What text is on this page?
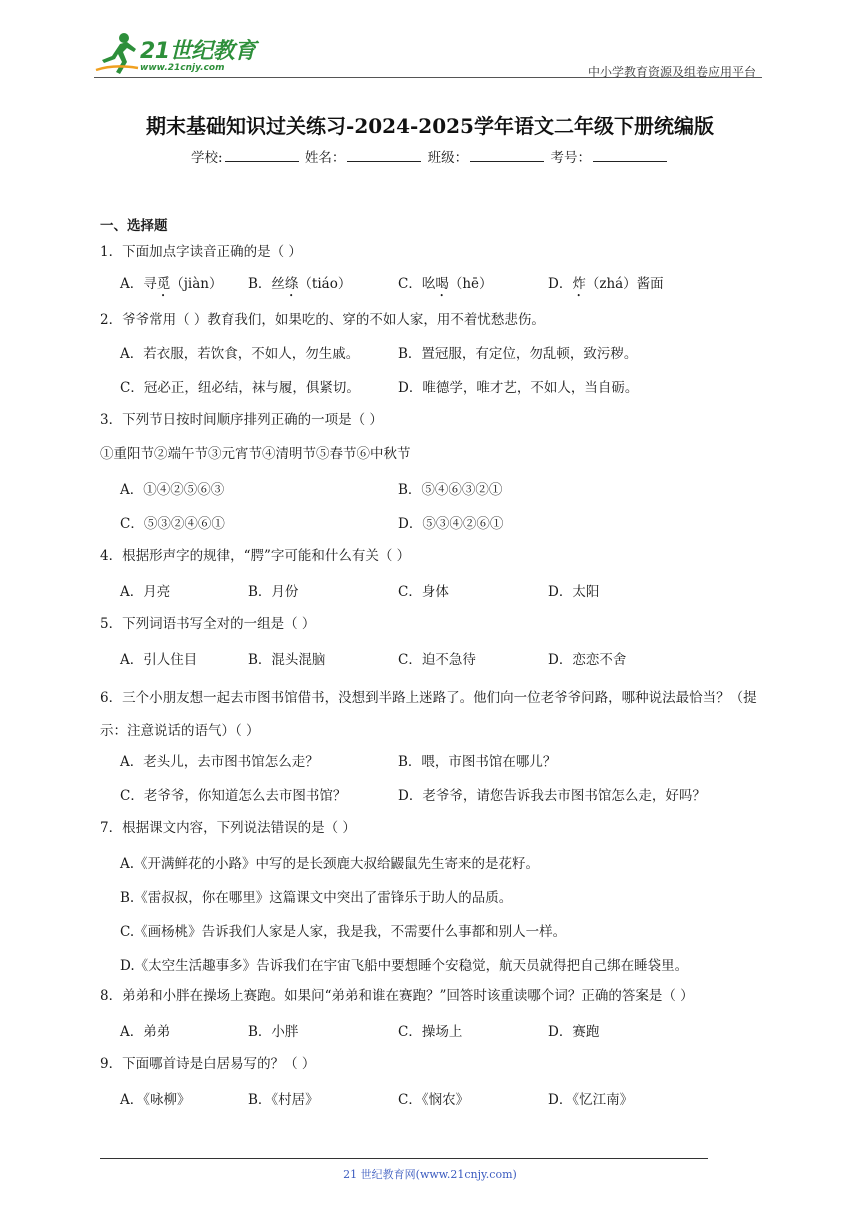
21世纪教育
www.21cnjy.com	中小学教育资源及组卷应用平台
期末基础知识过关练习-2024-2025学年语文二年级下册统编版
学校:	姓名：	班级：	考号：
一、选择题
1．下面加点字读音正确的是（ ）
A．寻觅（jiàn） B．丝绦（tiáo）	C．吆喝（hē）	D．炸（zhá）酱面
2．爷爷常用（ ）教育我们，如果吃的、穿的不如人家，用不着忧愁悲伤。
A．若衣服，若饮食，不如人，勿生戚。	B．置冠服，有定位，勿乱顿，致污秽。
C．冠必正，纽必结，袜与履，俱紧切。	D．唯德学，唯才艺，不如人，当自砺。
3．下列节日按时间顺序排列正确的一项是（ ）
①重阳节②端午节③元宵节④清明节⑤春节⑥中秋节
A．①④②⑤⑥③	B．⑤④⑥③②①
C．⑤③②④⑥①	D．⑤③④②⑥①
4．根据形声字的规律，“腭”字可能和什么有关（ ）
A．月亮	B．月份	C．身体	D．太阳
5．下列词语书写全对的一组是（ ）
A．引人住目	B．混头混脑	C．迫不急待	D．恋恋不舍
6．三个小朋友想一起去市图书馆借书，没想到半路上迷路了。他们向一位老爷爷问路，哪种说法最恰当？（提示：注意说话的语气）（ ）
A．老头儿，去市图书馆怎么走？	B．喂，市图书馆在哪儿？
C．老爷爷，你知道怎么去市图书馆？	D．老爷爷，请您告诉我去市图书馆怎么走，好吗？
7．根据课文内容，下列说法错误的是（ ）
A.《开满鲜花的小路》中写的是长颈鹿大叔给鼹鼠先生寄来的是花籽。
B.《雷叔叔，你在哪里》这篇课文中突出了雷锋乐于助人的品质。
C.《画杨桃》告诉我们人家是人家，我是我，不需要什么事都和别人一样。
D.《太空生活趣事多》告诉我们在宇宙飞船中要想睡个安稳觉，航天员就得把自己绑在睡袋里。
8．弟弟和小胖在操场上赛跑。如果问“弟弟和谁在赛跑？”回答时该重读哪个词？正确的答案是（ ）
A．弟弟	B．小胖	C．操场上	D．赛跑
9．下面哪首诗是白居易写的？（ ）
A．《咏柳》	B．《村居》	C．《悯农》	D．《忆江南》
21 世纪教育网(www.21cnjy.com)
